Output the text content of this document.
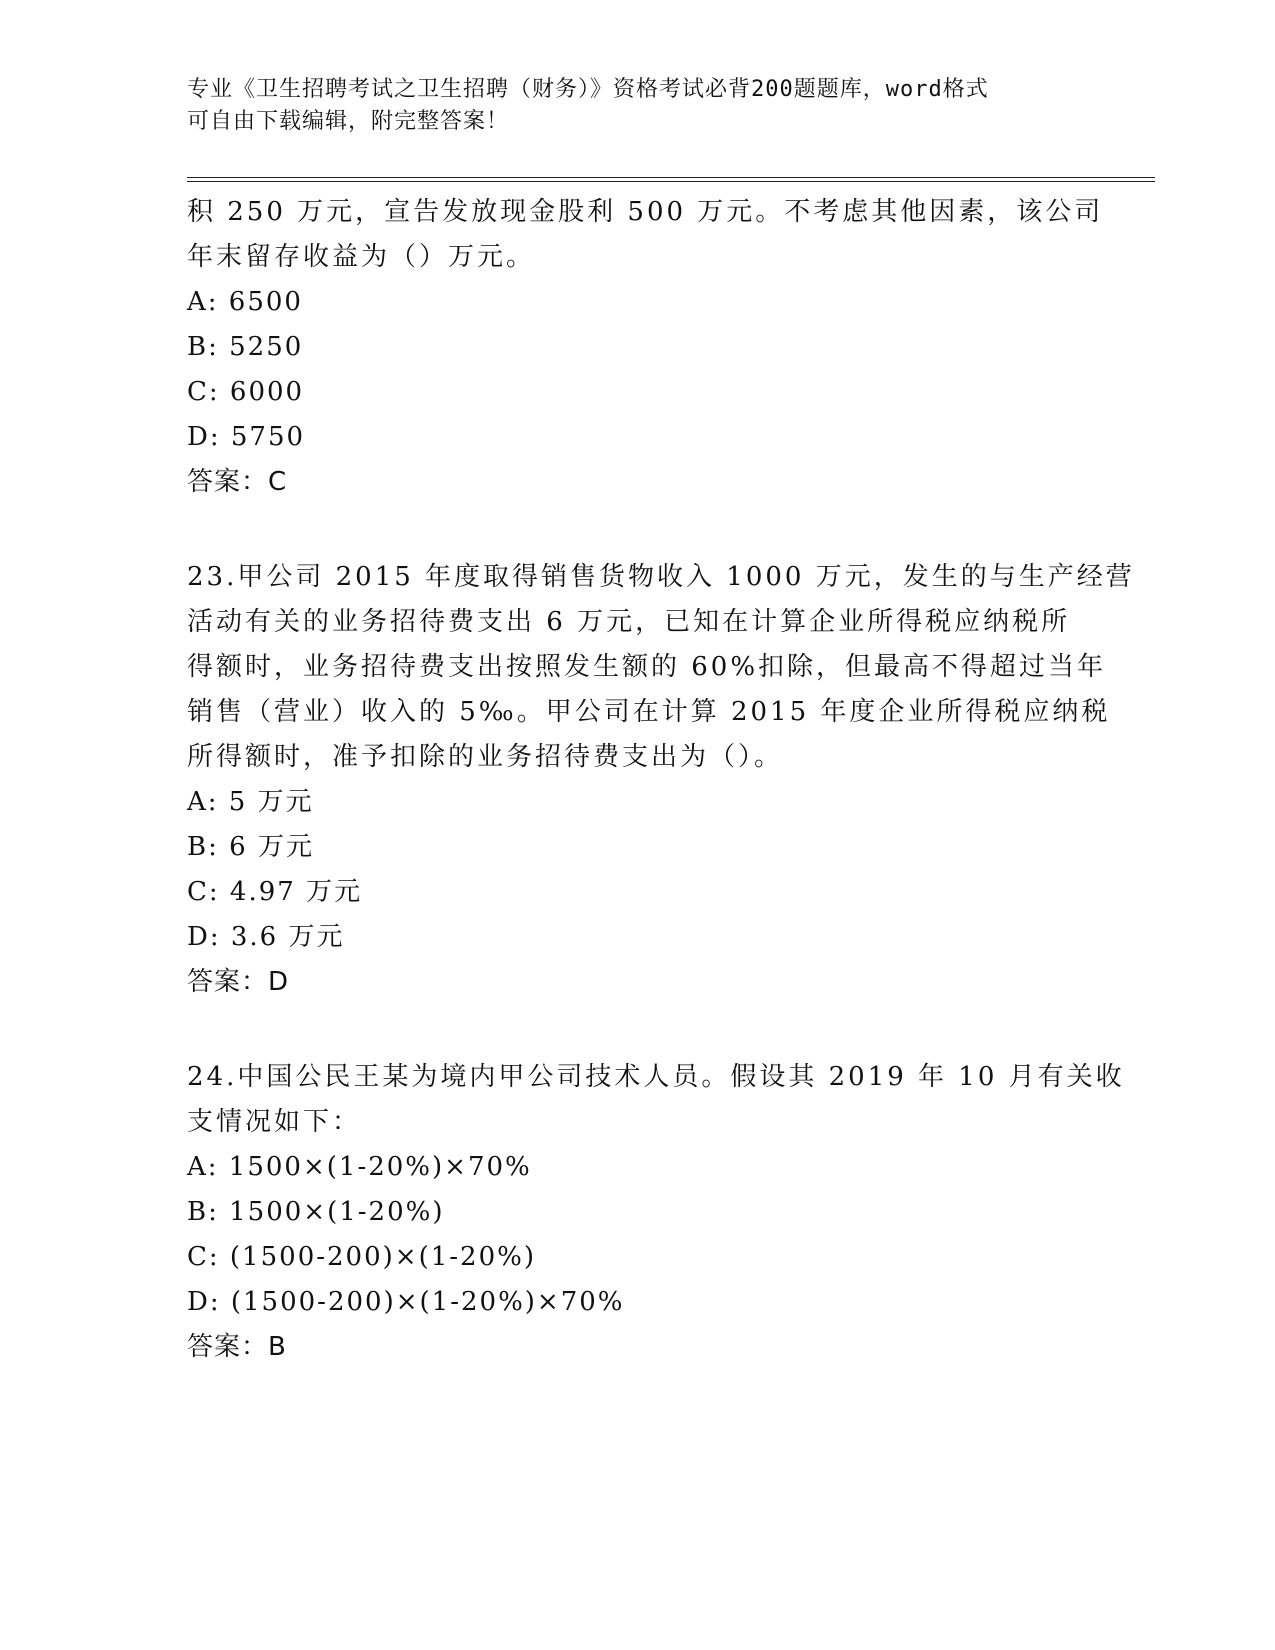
专业《卫生招聘考试之卫生招聘（财务）》资格考试必背200题题库，word格式
可自由下载编辑，附完整答案！
积 250 万元，宣告发放现金股利 500 万元。不考虑其他因素，该公司
年末留存收益为（）万元。
A: 6500
B: 5250
C: 6000
D: 5750
答案：C
23.甲公司 2015 年度取得销售货物收入 1000 万元，发生的与生产经营
活动有关的业务招待费支出 6 万元，已知在计算企业所得税应纳税所
得额时，业务招待费支出按照发生额的 60%扣除，但最高不得超过当年
销售（营业）收入的 5‰。甲公司在计算 2015 年度企业所得税应纳税
所得额时，准予扣除的业务招待费支出为（）。
A: 5 万元
B: 6 万元
C: 4.97 万元
D: 3.6 万元
答案：D
24.中国公民王某为境内甲公司技术人员。假设其 2019 年 10 月有关收
支情况如下：
A: 1500×(1-20%)×70%
B: 1500×(1-20%)
C: (1500-200)×(1-20%)
D: (1500-200)×(1-20%)×70%
答案：B
